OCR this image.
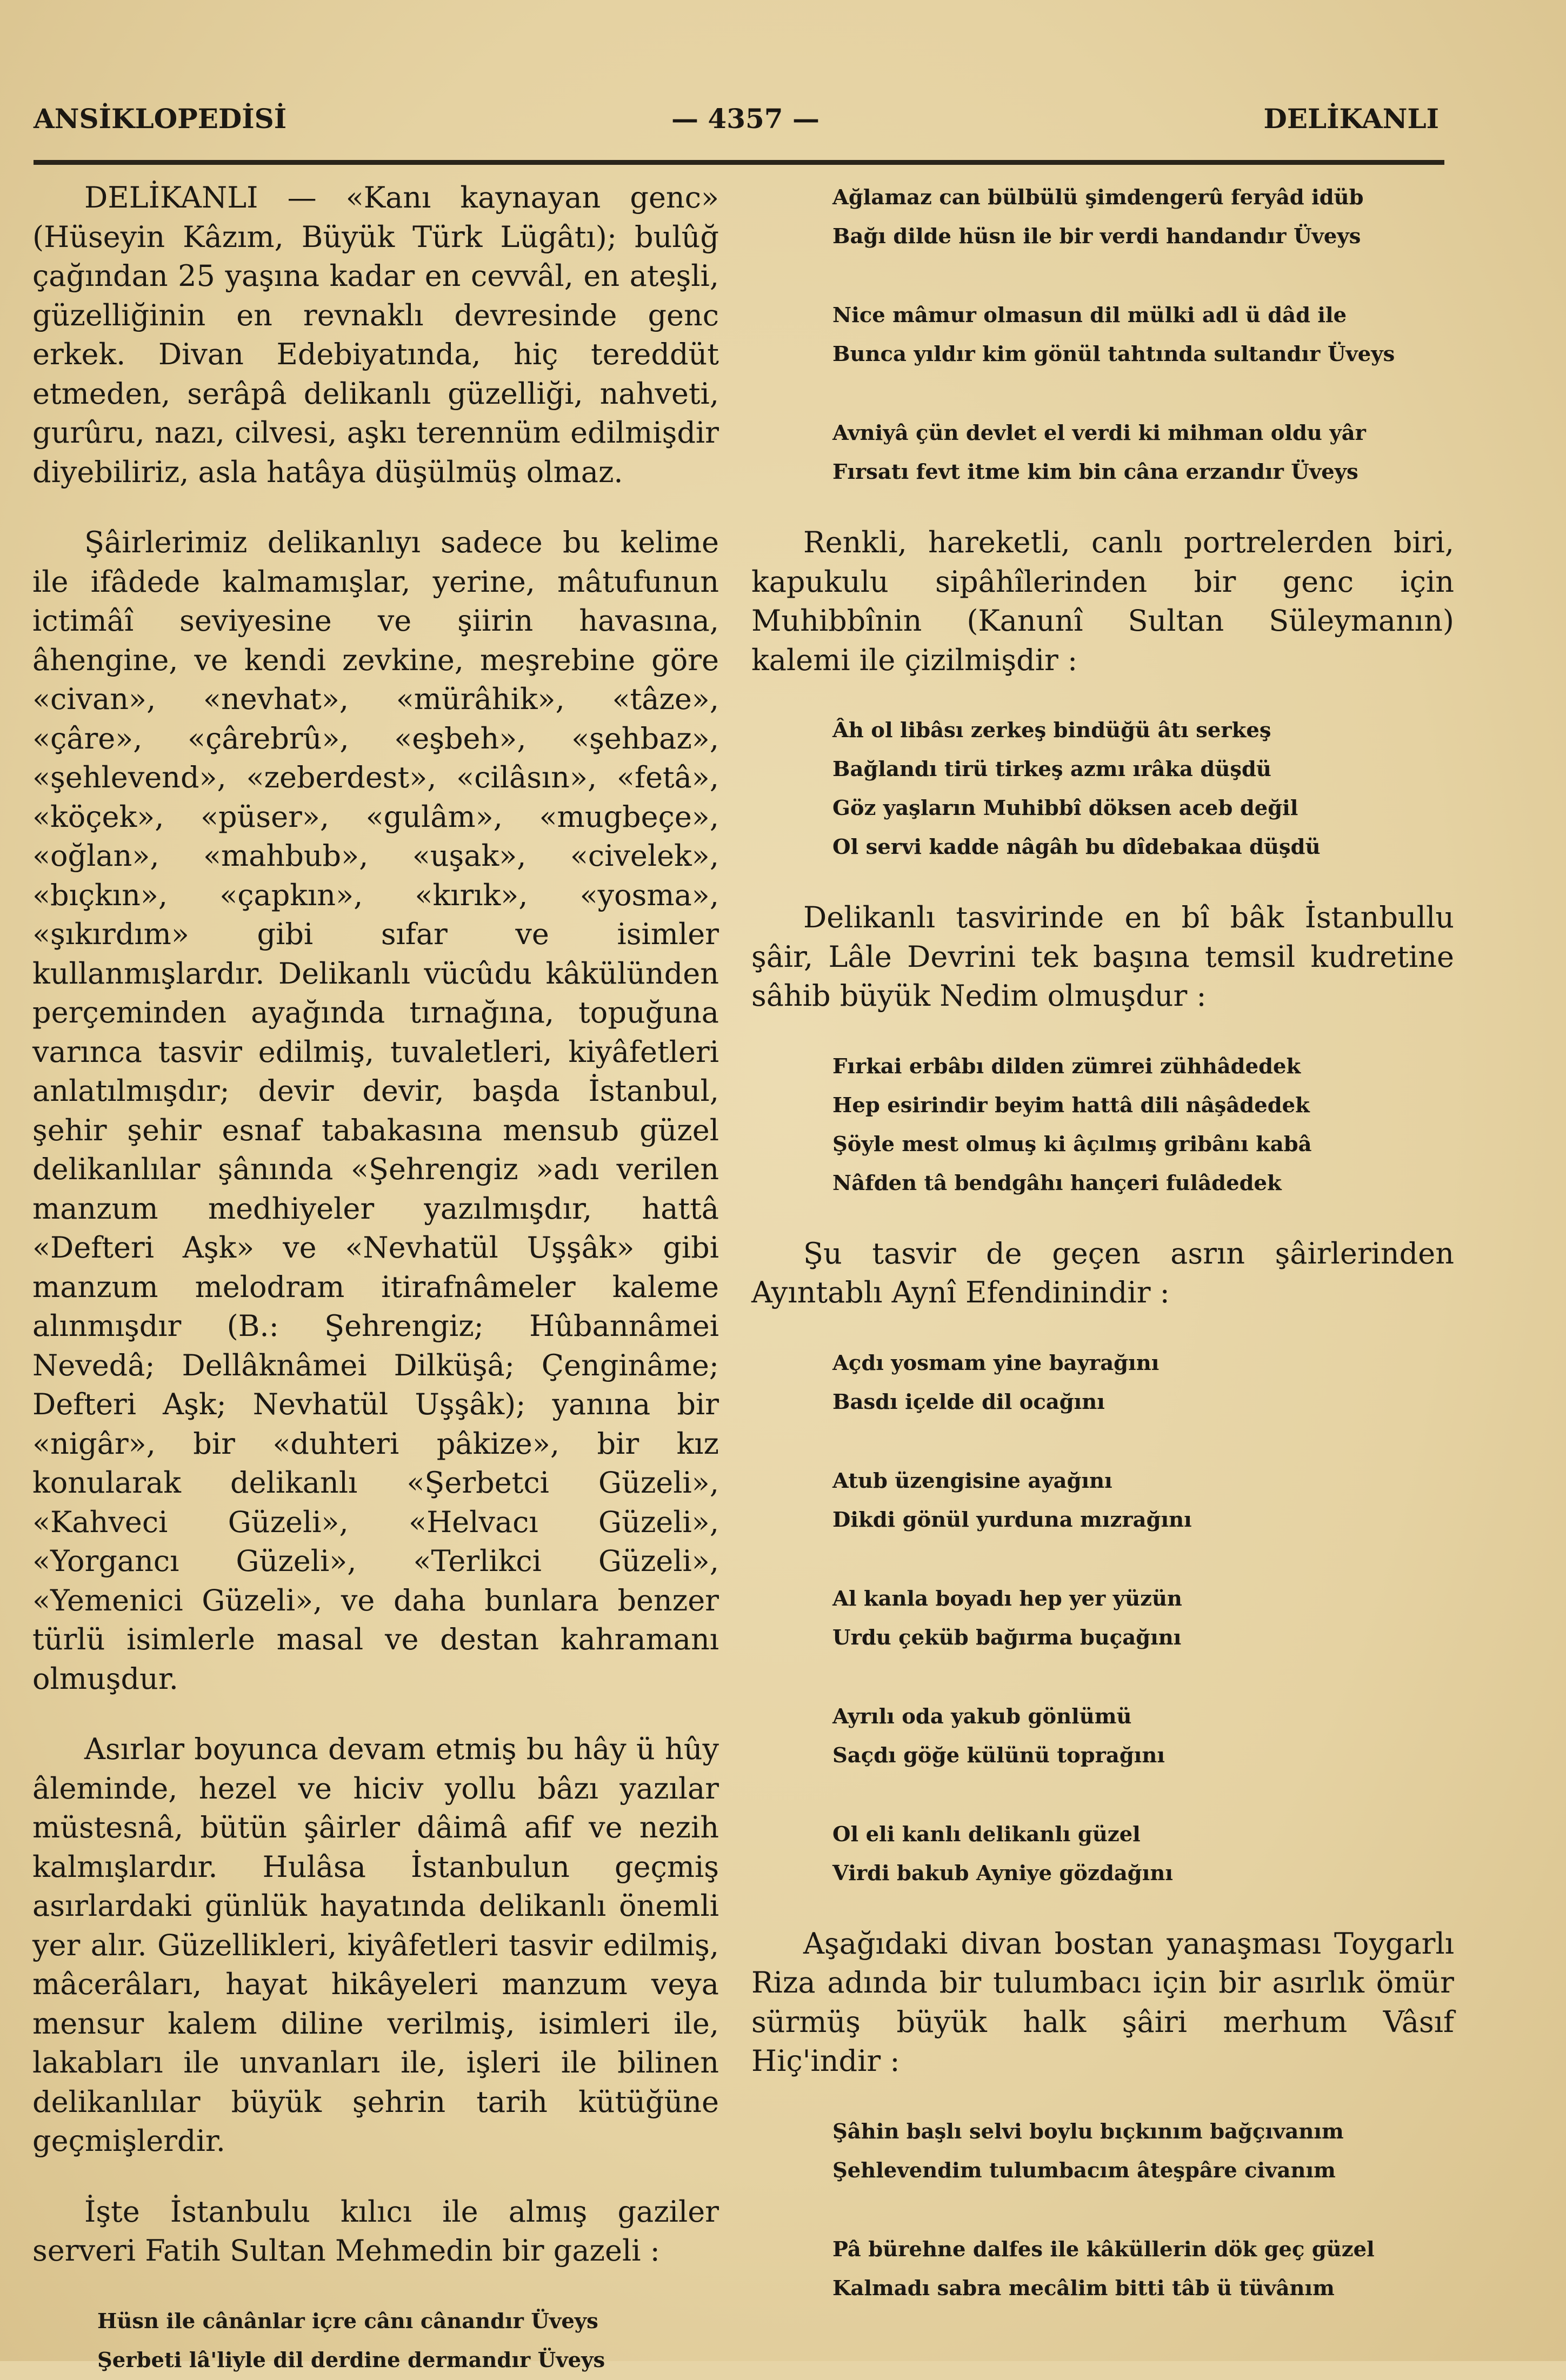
ANSİKLOPEDİSİ	— 4357 —	DELİKANLI

DELİKANLI — «Kanı kaynayan genc» (Hüseyin Kâzım, Büyük Türk Lügâtı); bulûğ çağından 25 yaşına kadar en cevvâl, en ateşli, güzelliğinin en revnaklı devresinde genc erkek. Divan Edebiyatında, hiç tereddüt etmeden, serâpâ delikanlı güzelliği, nahveti, gurûru, nazı, cilvesi, aşkı terennüm edilmişdir diyebiliriz, asla hatâya düşülmüş olmaz.

Şâirlerimiz delikanlıyı sadece bu kelime ile ifâdede kalmamışlar, yerine, mâtufunun ictimâî seviyesine ve şiirin havasına, âhengine, ve kendi zevkine, meşrebine göre «civan», «nevhat», «mürâhik», «tâze», «çâre», «çârebrû», «eşbeh», «şehbaz», «şehlevend», «zeberdest», «cilâsın», «fetâ», «köçek», «püser», «gulâm», «mugbeçe», «oğlan», «mahbub», «uşak», «civelek», «bıçkın», «çapkın», «kırık», «yosma», «şıkırdım» gibi sıfar ve isimler kullanmışlardır. Delikanlı vücûdu kâkülünden perçeminden ayağında tırnağına, topuğuna varınca tasvir edilmiş, tuvaletleri, kiyâfetleri anlatılmışdır; devir devir, başda İstanbul, şehir şehir esnaf tabakasına mensub güzel delikanlılar şânında «Şehrengiz »adı verilen manzum medhiyeler yazılmışdır, hattâ «Defteri Aşk» ve «Nevhatül Uşşâk» gibi manzum melodram itirafnâmeler kaleme alınmışdır (B.: Şehrengiz; Hûbannâmei Nevedâ; Dellâknâmei Dilküşâ; Çenginâme; Defteri Aşk; Nevhatül Uşşâk); yanına bir «nigâr», bir «duhteri pâkize», bir kız konularak delikanlı «Şerbetci Güzeli», «Kahveci Güzeli», «Helvacı Güzeli», «Yorgancı Güzeli», «Terlikci Güzeli», «Yemenici Güzeli», ve daha bunlara benzer türlü isimlerle masal ve destan kahramanı olmuşdur.

Asırlar boyunca devam etmiş bu hây ü hûy âleminde, hezel ve hiciv yollu bâzı yazılar müstesnâ, bütün şâirler dâimâ afif ve nezih kalmışlardır. Hulâsa İstanbulun geçmiş asırlardaki günlük hayatında delikanlı önemli yer alır. Güzellikleri, kiyâfetleri tasvir edilmiş, mâcerâları, hayat hikâyeleri manzum veya mensur kalem diline verilmiş, isimleri ile, lakabları ile unvanları ile, işleri ile bilinen delikanlılar büyük şehrin tarih kütüğüne geçmişlerdir.

İşte İstanbulu kılıcı ile almış gaziler serveri Fatih Sultan Mehmedin bir gazeli :

Hüsn ile cânânlar içre cânı cânandır Üveys
Şerbeti lâ'liyle dil derdine dermandır Üveys
Ağlamaz can bülbülü şimdengerû feryâd idüb
Bağı dilde hüsn ile bir verdi handandır Üveys
Nice mâmur olmasun dil mülki adl ü dâd ile
Bunca yıldır kim gönül tahtında sultandır Üveys
Avniyâ çün devlet el verdi ki mihman oldu yâr
Fırsatı fevt itme kim bin câna erzandır Üveys

Renkli, hareketli, canlı portrelerden biri, kapukulu sipâhîlerinden bir genc için Muhibbînin (Kanunî Sultan Süleymanın) kalemi ile çizilmişdir :

Âh ol libâsı zerkeş bindüğü âtı serkeş
Bağlandı tirü tirkeş azmı ırâka düşdü
Göz yaşların Muhibbî döksen aceb değil
Ol servi kadde nâgâh bu dîdebakaa düşdü

Delikanlı tasvirinde en bî bâk İstanbullu şâir, Lâle Devrini tek başına temsil kudretine sâhib büyük Nedim olmuşdur :

Fırkai erbâbı dilden zümrei zühhâdedek
Hep esirindir beyim hattâ dili nâşâdedek
Şöyle mest olmuş ki âçılmış gribânı kabâ
Nâfden tâ bendgâhı hançeri fulâdedek

Şu tasvir de geçen asrın şâirlerinden Ayıntablı Aynî Efendinindir :

Açdı yosmam yine bayrağını
Basdı içelde dil ocağını
Atub üzengisine ayağını
Dikdi gönül yurduna mızrağını
Al kanla boyadı hep yer yüzün
Urdu çeküb bağırma buçağını
Ayrılı oda yakub gönlümü
Saçdı göğe külünü toprağını
Ol eli kanlı delikanlı güzel
Virdi bakub Ayniye gözdağını

Aşağıdaki divan bostan yanaşması Toygarlı Riza adında bir tulumbacı için bir asırlık ömür sürmüş büyük halk şâiri merhum Vâsıf Hiç'indir :

Şâhin başlı selvi boylu bıçkınım bağçıvanım
Şehlevendim tulumbacım âteşpâre civanım
Pâ bürehne dalfes ile kâküllerin dök geç güzel
Kalmadı sabra mecâlim bitti tâb ü tüvânım
